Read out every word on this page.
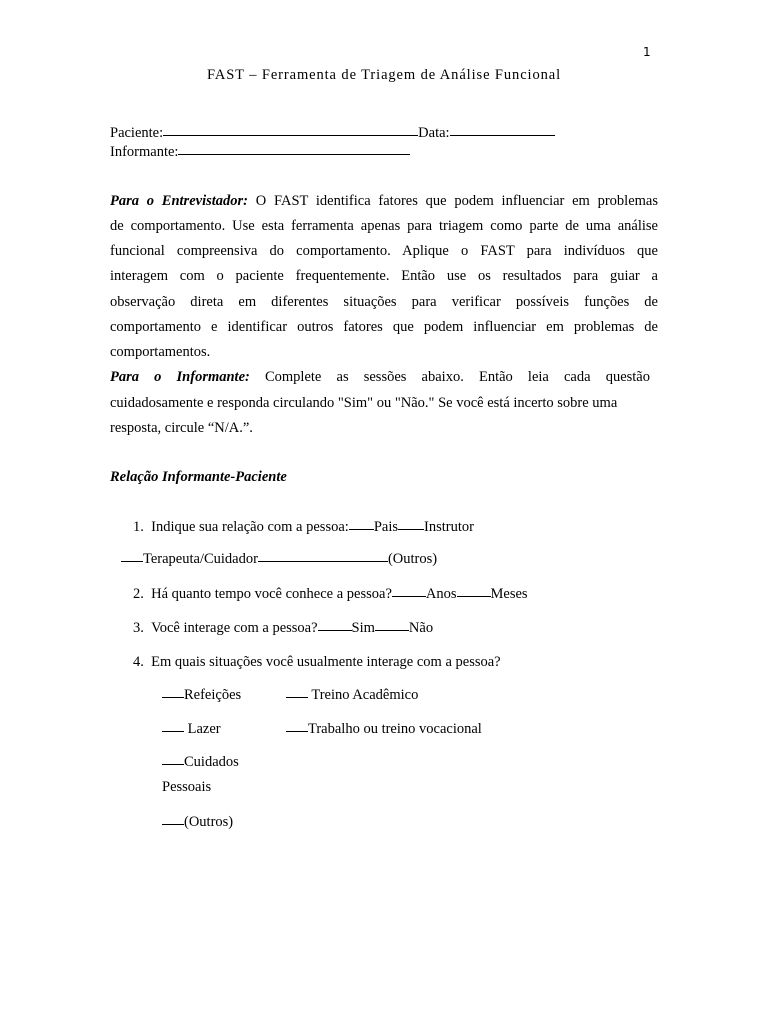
1
FAST – Ferramenta de Triagem de Análise Funcional
Paciente:	Data:
Informante:
Para o Entrevistador: O FAST identifica fatores que podem influenciar em problemas
de comportamento. Use esta ferramenta apenas para triagem como parte de uma análise
funcional compreensiva do comportamento. Aplique o FAST para indivíduos que
interagem com o paciente frequentemente. Então use os resultados para guiar a
observação direta em diferentes situações para verificar possíveis funções de
comportamento e identificar outros fatores que podem influenciar em problemas de
comportamentos.
Para o Informante: Complete as sessões abaixo. Então leia cada questão
cuidadosamente e responda circulando "Sim" ou "Não." Se você está incerto sobre uma
resposta, circule “N/A.”.
Relação Informante-Paciente
1. Indique sua relação com a pessoa: Pais Instrutor
Terapeuta/Cuidador	(Outros)
2. Há quanto tempo você conhece a pessoa? Anos Meses
3. Você interage com a pessoa? Sim Não
4. Em quais situações você usualmente interage com a pessoa?
Refeições	Treino Acadêmico
Lazer	Trabalho ou treino vocacional
Cuidados
Pessoais
(Outros)
